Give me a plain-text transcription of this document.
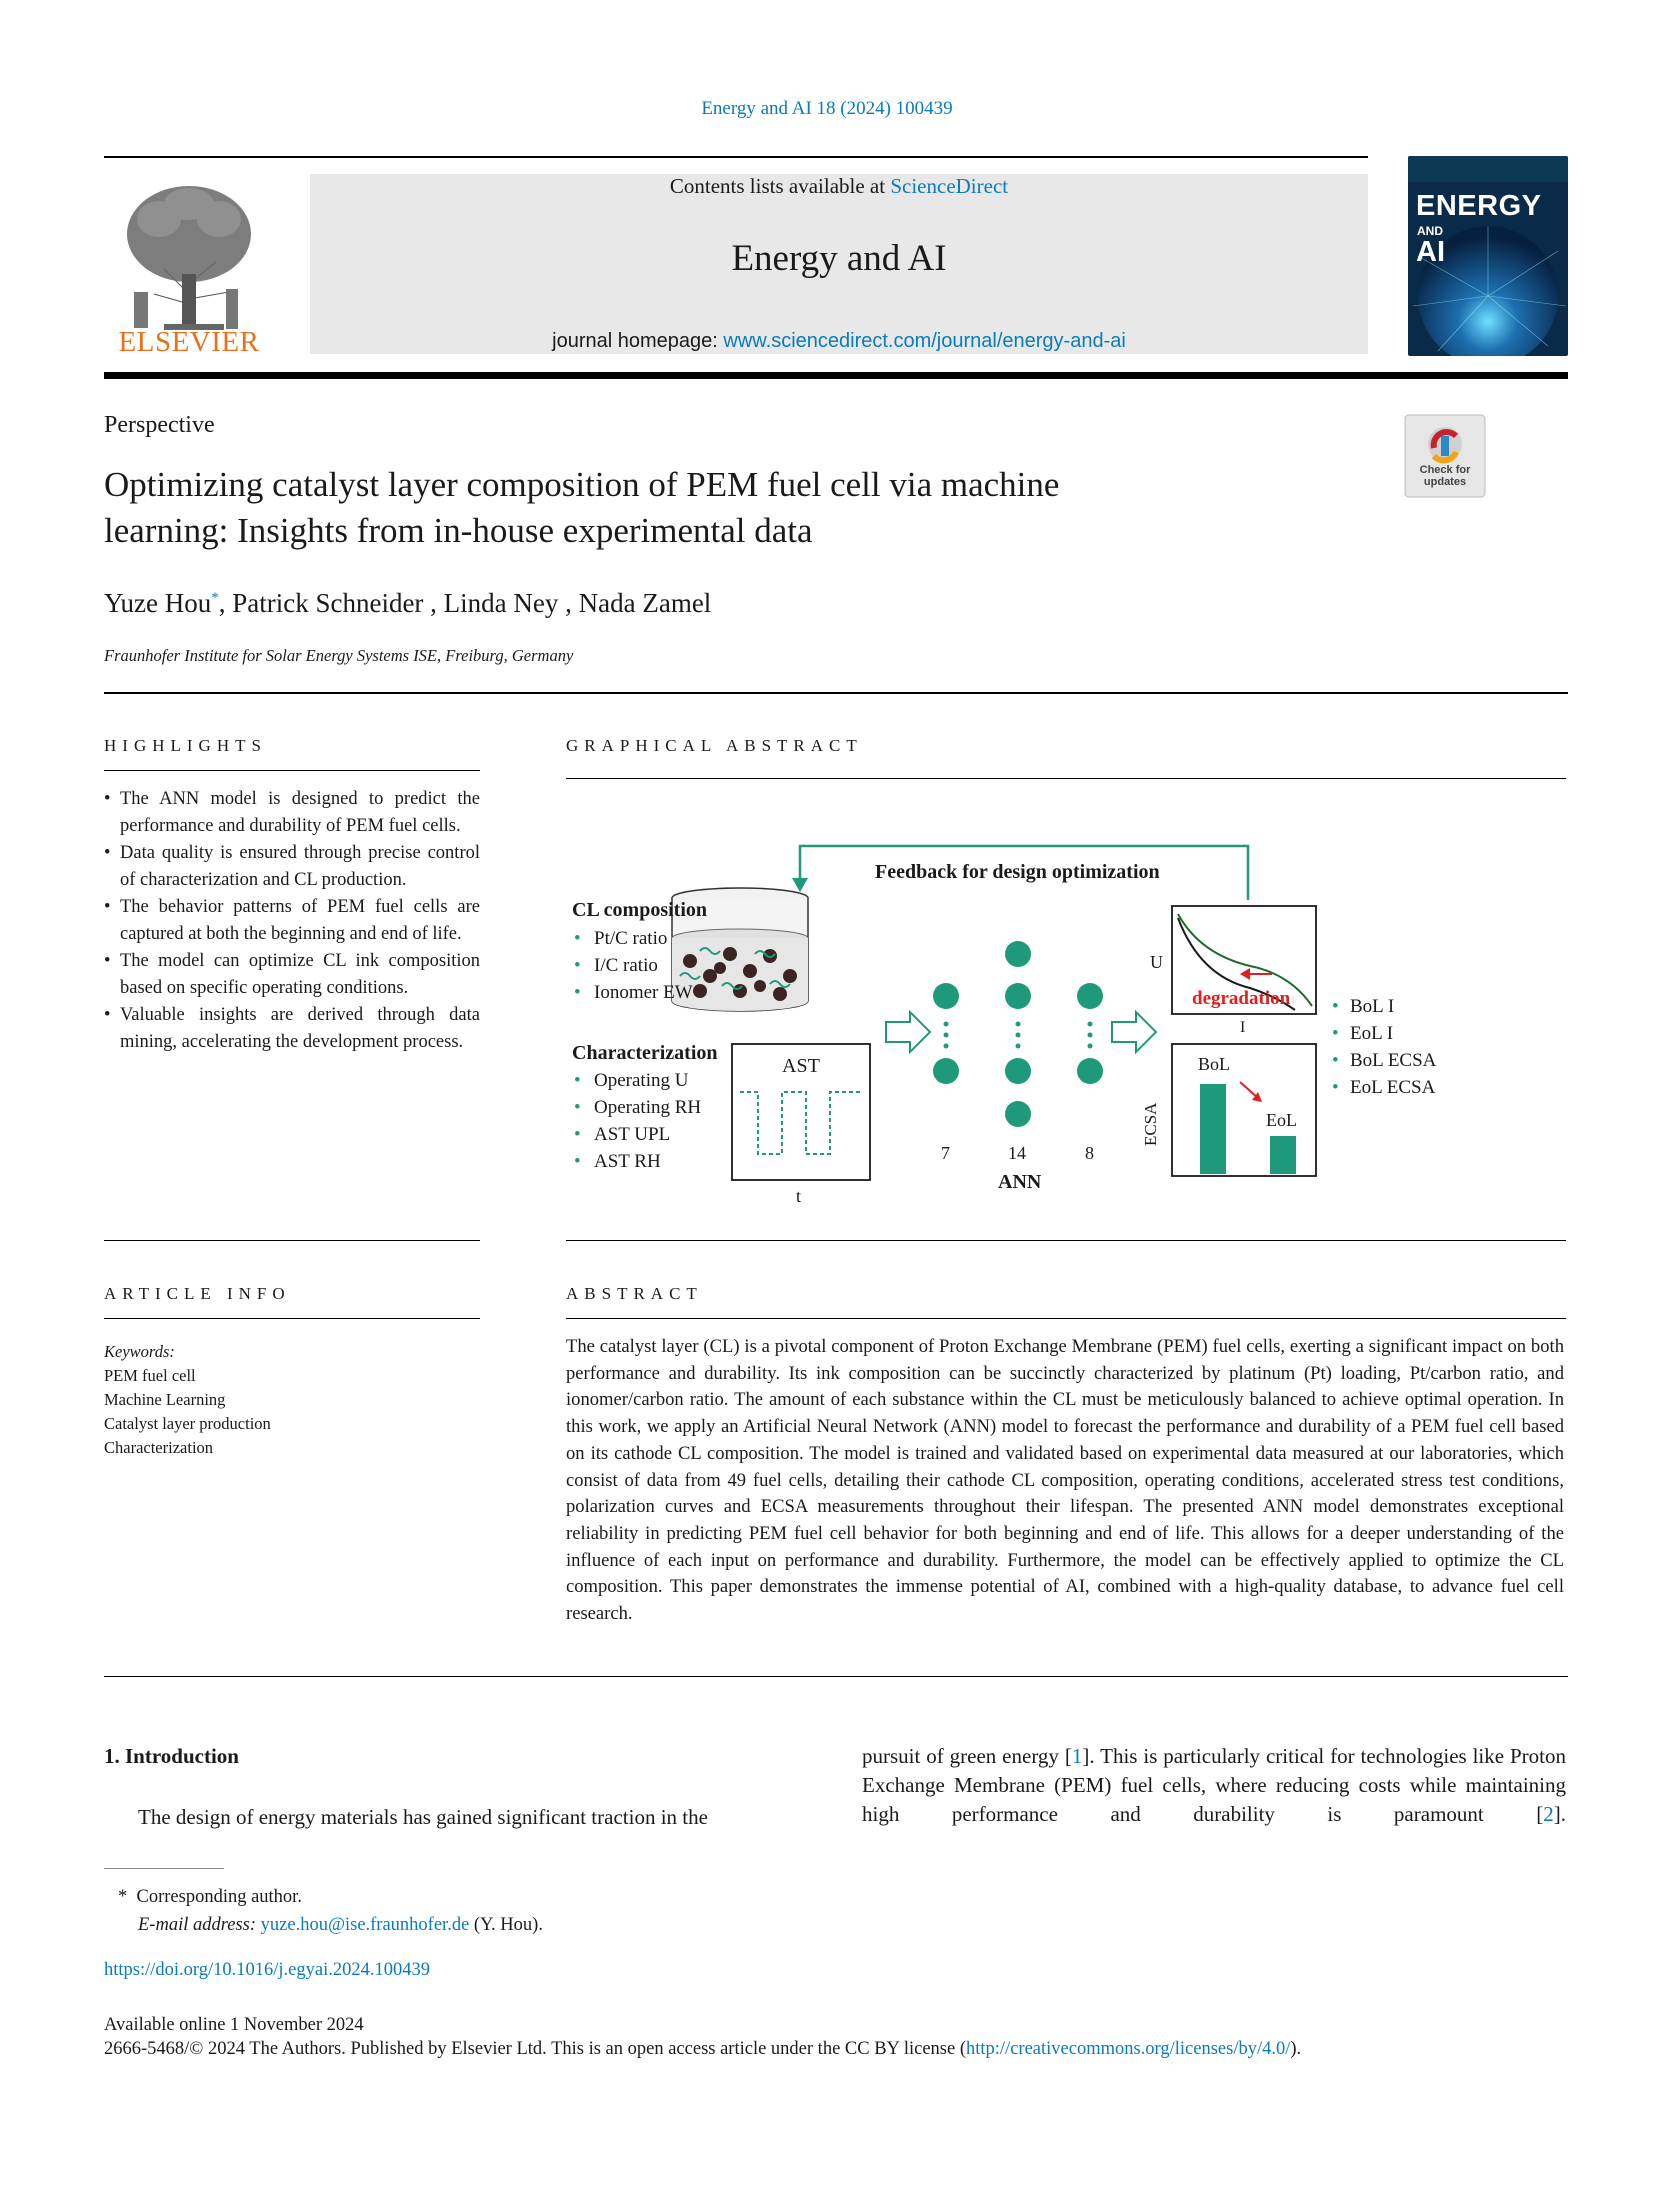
Energy and AI 18 (2024) 100439
ELSEVIER
Contents lists available at ScienceDirect
Energy and AI
journal homepage: www.sciencedirect.com/journal/energy-and-ai
ENERGY
AND
AI
Perspective
Optimizing catalyst layer composition of PEM fuel cell via machine
learning: Insights from in-house experimental data
Check for
updates
Yuze Hou*, Patrick Schneider , Linda Ney , Nada Zamel
Fraunhofer Institute for Solar Energy Systems ISE, Freiburg, Germany
HIGHLIGHTS
• The ANN model is designed to predict the performance and durability of PEM fuel cells.
• Data quality is ensured through precise control of characterization and CL production.
• The behavior patterns of PEM fuel cells are captured at both the beginning and end of life.
• The model can optimize CL ink composition based on specific operating conditions.
• Valuable insights are derived through data mining, accelerating the development process.
GRAPHICAL ABSTRACT
Feedback for design optimization
CL composition
• Pt/C ratio
• I/C ratio
• Ionomer EW
Characterization
• Operating U
• Operating RH
• AST UPL
• AST RH
AST
t
7	14	8
ANN
U
I
degradation
ECSA
BoL
EoL
• BoL I
• EoL I
• BoL ECSA
• EoL ECSA
ARTICLE INFO
Keywords:
PEM fuel cell
Machine Learning
Catalyst layer production
Characterization
ABSTRACT
The catalyst layer (CL) is a pivotal component of Proton Exchange Membrane (PEM) fuel cells, exerting a significant impact on both performance and durability. Its ink composition can be succinctly characterized by platinum (Pt) loading, Pt/carbon ratio, and ionomer/carbon ratio. The amount of each substance within the CL must be meticulously balanced to achieve optimal operation. In this work, we apply an Artificial Neural Network (ANN) model to forecast the performance and durability of a PEM fuel cell based on its cathode CL composition. The model is trained and validated based on experimental data measured at our laboratories, which consist of data from 49 fuel cells, detailing their cathode CL composition, operating conditions, accelerated stress test conditions, polarization curves and ECSA measurements throughout their lifespan. The presented ANN model demonstrates exceptional reliability in predicting PEM fuel cell behavior for both beginning and end of life. This allows for a deeper understanding of the influence of each input on performance and durability. Furthermore, the model can be effectively applied to optimize the CL composition. This paper demonstrates the immense potential of AI, combined with a high-quality database, to advance fuel cell research.
1. Introduction
The design of energy materials has gained significant traction in the
pursuit of green energy [1]. This is particularly critical for technologies like Proton Exchange Membrane (PEM) fuel cells, where reducing costs while maintaining high performance and durability is paramount [2].
* Corresponding author.
E-mail address: yuze.hou@ise.fraunhofer.de (Y. Hou).
https://doi.org/10.1016/j.egyai.2024.100439
Available online 1 November 2024
2666-5468/© 2024 The Authors. Published by Elsevier Ltd. This is an open access article under the CC BY license (http://creativecommons.org/licenses/by/4.0/).
